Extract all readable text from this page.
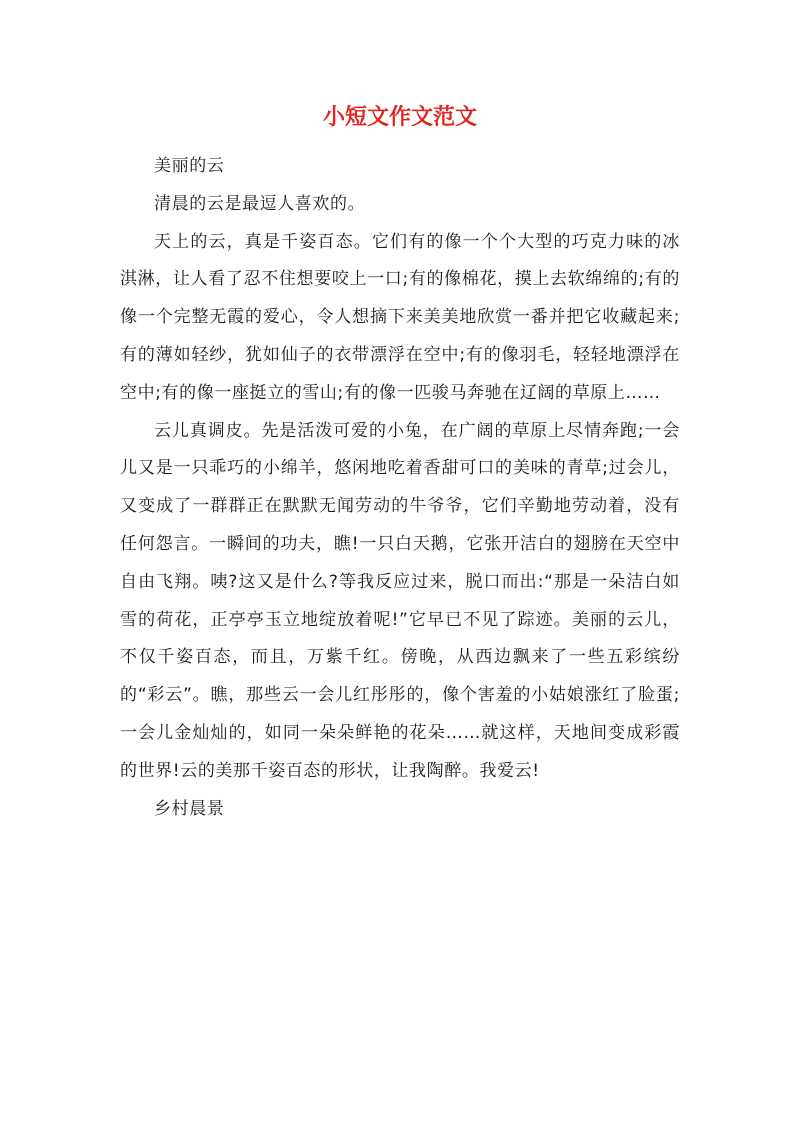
小短文作文范文

美丽的云

清晨的云是最逗人喜欢的。

天上的云，真是千姿百态。它们有的像一个个大型的巧克力味的冰淇淋，让人看了忍不住想要咬上一口;有的像棉花，摸上去软绵绵的;有的像一个完整无霞的爱心，令人想摘下来美美地欣赏一番并把它收藏起来;有的薄如轻纱，犹如仙子的衣带漂浮在空中;有的像羽毛，轻轻地漂浮在空中;有的像一座挺立的雪山;有的像一匹骏马奔驰在辽阔的草原上……

云儿真调皮。先是活泼可爱的小兔，在广阔的草原上尽情奔跑;一会儿又是一只乖巧的小绵羊，悠闲地吃着香甜可口的美味的青草;过会儿，又变成了一群群正在默默无闻劳动的牛爷爷，它们辛勤地劳动着，没有任何怨言。一瞬间的功夫，瞧!一只白天鹅，它张开洁白的翅膀在天空中自由飞翔。咦?这又是什么?等我反应过来，脱口而出:“那是一朵洁白如雪的荷花，正亭亭玉立地绽放着呢!”它早已不见了踪迹。美丽的云儿，不仅千姿百态，而且，万紫千红。傍晚，从西边飘来了一些五彩缤纷的“彩云”。瞧，那些云一会儿红彤彤的，像个害羞的小姑娘涨红了脸蛋;一会儿金灿灿的，如同一朵朵鲜艳的花朵……就这样，天地间变成彩霞的世界!云的美那千姿百态的形状，让我陶醉。我爱云!

乡村晨景
